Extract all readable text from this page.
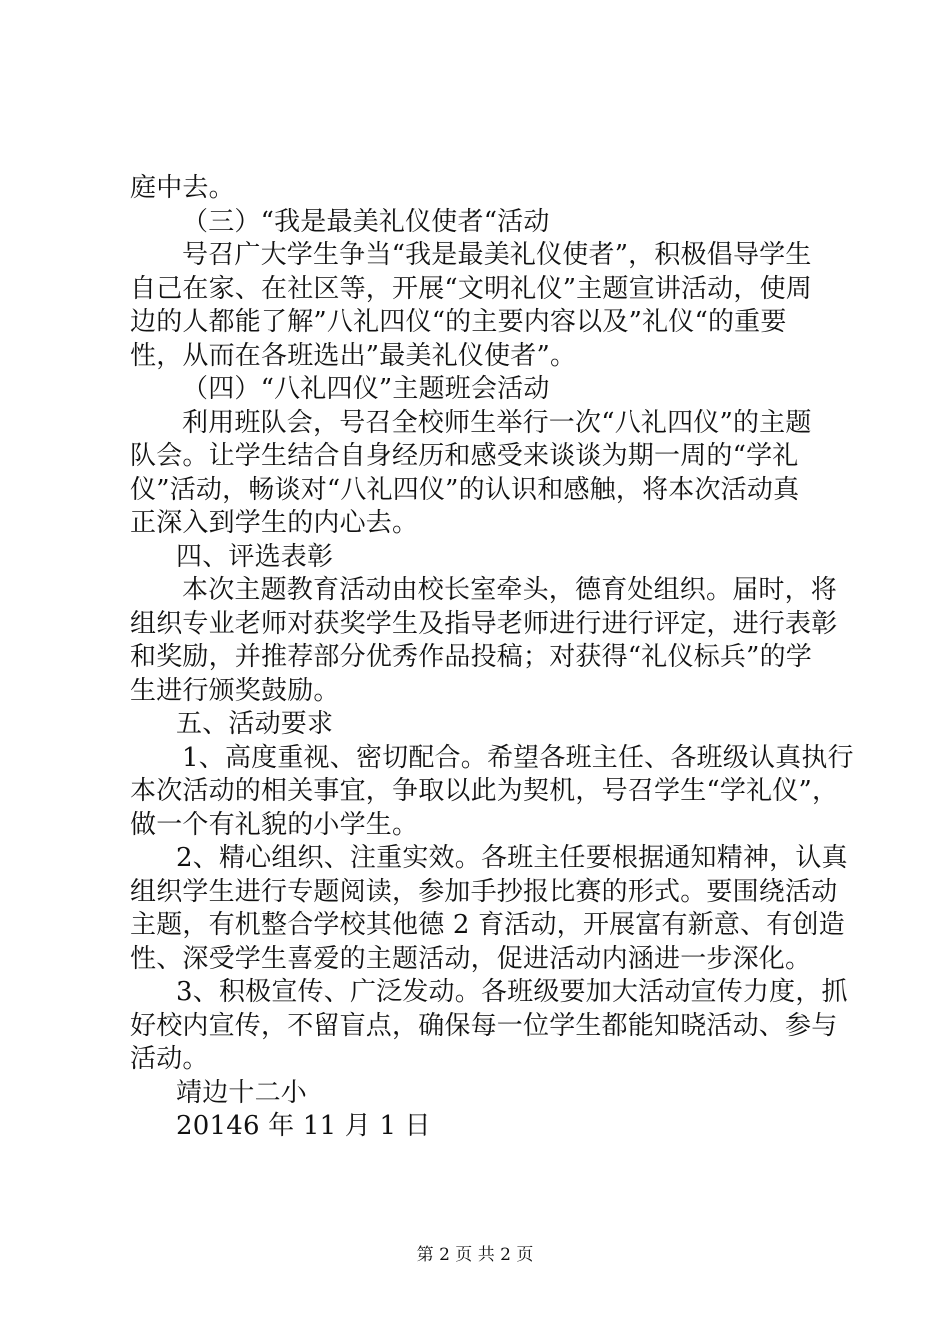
庭中去。
（三）“我是最美礼仪使者“活动
号召广大学生争当“我是最美礼仪使者”，积极倡导学生
自己在家、在社区等，开展“文明礼仪”主题宣讲活动，使周
边的人都能了解”八礼四仪“的主要内容以及”礼仪“的重要
性，从而在各班选出”最美礼仪使者”。
（四）“八礼四仪”主题班会活动
利用班队会，号召全校师生举行一次“八礼四仪”的主题
队会。让学生结合自身经历和感受来谈谈为期一周的“学礼
仪”活动，畅谈对“八礼四仪”的认识和感触，将本次活动真
正深入到学生的内心去。
四、评选表彰
本次主题教育活动由校长室牵头，德育处组织。届时，将
组织专业老师对获奖学生及指导老师进行进行评定，进行表彰
和奖励，并推荐部分优秀作品投稿；对获得“礼仪标兵”的学
生进行颁奖鼓励。
五、活动要求
1、高度重视、密切配合。希望各班主任、各班级认真执行
本次活动的相关事宜，争取以此为契机，号召学生“学礼仪”，
做一个有礼貌的小学生。
2、精心组织、注重实效。各班主任要根据通知精神，认真
组织学生进行专题阅读，参加手抄报比赛的形式。要围绕活动
主题，有机整合学校其他德 2 育活动，开展富有新意、有创造
性、深受学生喜爱的主题活动，促进活动内涵进一步深化。
3、积极宣传、广泛发动。各班级要加大活动宣传力度，抓
好校内宣传，不留盲点，确保每一位学生都能知晓活动、参与
活动。
靖边十二小
20146 年 11 月 1 日
第 2 页 共 2 页
